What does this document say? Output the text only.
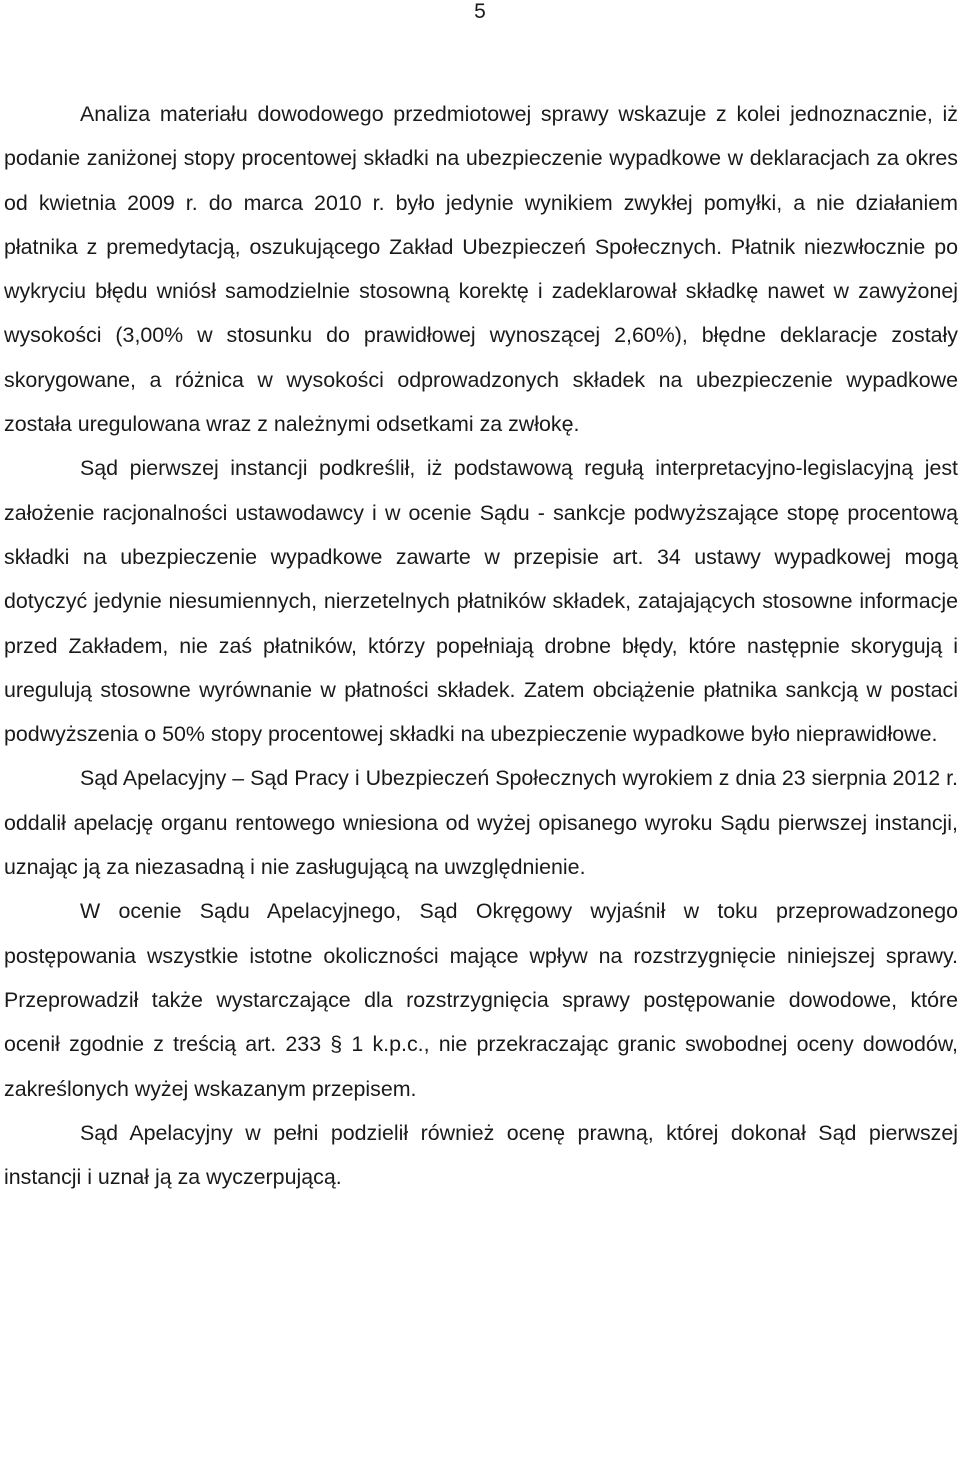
5

Analiza materiału dowodowego przedmiotowej sprawy wskazuje z kolei jednoznacznie, iż podanie zaniżonej stopy procentowej składki na ubezpieczenie wypadkowe w deklaracjach za okres od kwietnia 2009 r. do marca 2010 r. było jedynie wynikiem zwykłej pomyłki, a nie działaniem płatnika z premedytacją, oszukującego Zakład Ubezpieczeń Społecznych. Płatnik niezwłocznie po wykryciu błędu wniósł samodzielnie stosowną korektę i zadeklarował składkę nawet w zawyżonej wysokości (3,00% w stosunku do prawidłowej wynoszącej 2,60%), błędne deklaracje zostały skorygowane, a różnica w wysokości odprowadzonych składek na ubezpieczenie wypadkowe została uregulowana wraz z należnymi odsetkami za zwłokę.

Sąd pierwszej instancji podkreślił, iż podstawową regułą interpretacyjno-legislacyjną jest założenie racjonalności ustawodawcy i w ocenie Sądu - sankcje podwyższające stopę procentową składki na ubezpieczenie wypadkowe zawarte w przepisie art. 34 ustawy wypadkowej mogą dotyczyć jedynie niesumiennych, nierzetelnych płatników składek, zatajających stosowne informacje przed Zakładem, nie zaś płatników, którzy popełniają drobne błędy, które następnie skorygują i uregulują stosowne wyrównanie w płatności składek. Zatem obciążenie płatnika sankcją w postaci podwyższenia o 50% stopy procentowej składki na ubezpieczenie wypadkowe było nieprawidłowe.

Sąd Apelacyjny – Sąd Pracy i Ubezpieczeń Społecznych wyrokiem z dnia 23 sierpnia 2012 r. oddalił apelację organu rentowego wniesiona od wyżej opisanego wyroku Sądu pierwszej instancji, uznając ją za niezasadną i nie zasługującą na uwzględnienie.

W ocenie Sądu Apelacyjnego, Sąd Okręgowy wyjaśnił w toku przeprowadzonego postępowania wszystkie istotne okoliczności mające wpływ na rozstrzygnięcie niniejszej sprawy. Przeprowadził także wystarczające dla rozstrzygnięcia sprawy postępowanie dowodowe, które ocenił zgodnie z treścią art. 233 § 1 k.p.c., nie przekraczając granic swobodnej oceny dowodów, zakreślonych wyżej wskazanym przepisem.

Sąd Apelacyjny w pełni podzielił również ocenę prawną, której dokonał Sąd pierwszej instancji i uznał ją za wyczerpującą.
